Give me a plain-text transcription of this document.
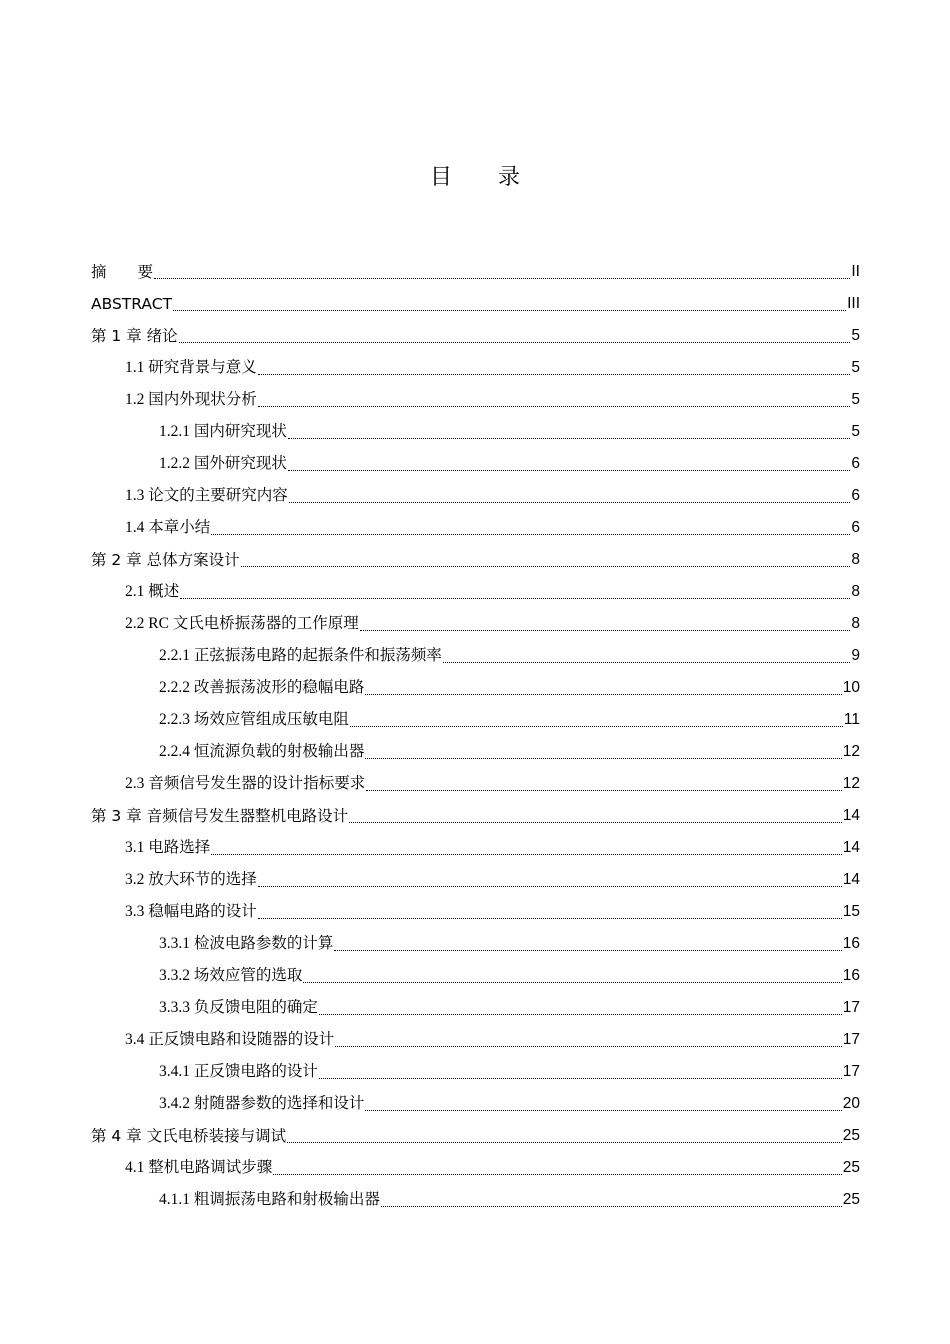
目 录
摘　　要	II
ABSTRACT	III
第 1 章 绪论	5
1.1 研究背景与意义	5
1.2 国内外现状分析	5
1.2.1 国内研究现状	5
1.2.2 国外研究现状	6
1.3 论文的主要研究内容	6
1.4 本章小结	6
第 2 章 总体方案设计	8
2.1 概述	8
2.2 RC 文氏电桥振荡器的工作原理	8
2.2.1 正弦振荡电路的起振条件和振荡频率	9
2.2.2 改善振荡波形的稳幅电路	10
2.2.3 场效应管组成压敏电阻	11
2.2.4 恒流源负载的射极输出器	12
2.3 音频信号发生器的设计指标要求	12
第 3 章 音频信号发生器整机电路设计	14
3.1 电路选择	14
3.2 放大环节的选择	14
3.3 稳幅电路的设计	15
3.3.1 检波电路参数的计算	16
3.3.2 场效应管的选取	16
3.3.3 负反馈电阻的确定	17
3.4 正反馈电路和设随器的设计	17
3.4.1 正反馈电路的设计	17
3.4.2 射随器参数的选择和设计	20
第 4 章 文氏电桥装接与调试	25
4.1 整机电路调试步骤	25
4.1.1 粗调振荡电路和射极输出器	25
